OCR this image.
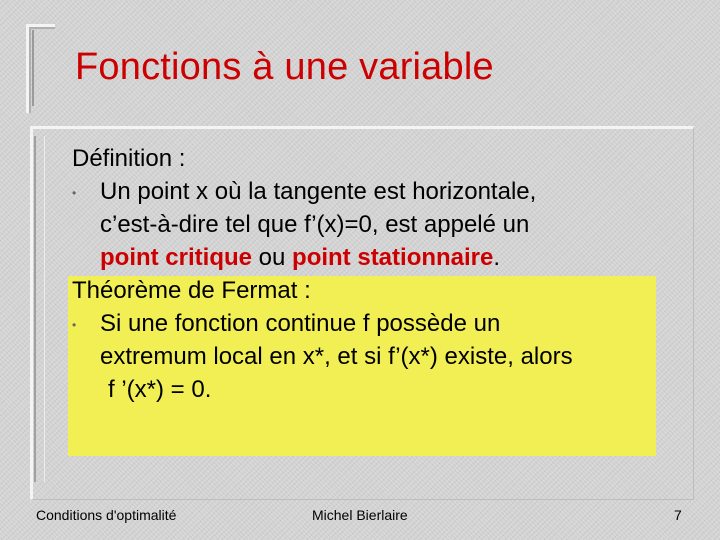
Fonctions à une variable
Définition :
• Un point x où la tangente est horizontale,
c’est-à-dire tel que f’(x)=0, est appelé un
point critique ou point stationnaire.
Théorème de Fermat :
• Si une fonction continue f possède un
extremum local en x*, et si f’(x*) existe, alors
f ’(x*) = 0.
Conditions d'optimalité	Michel Bierlaire	7
